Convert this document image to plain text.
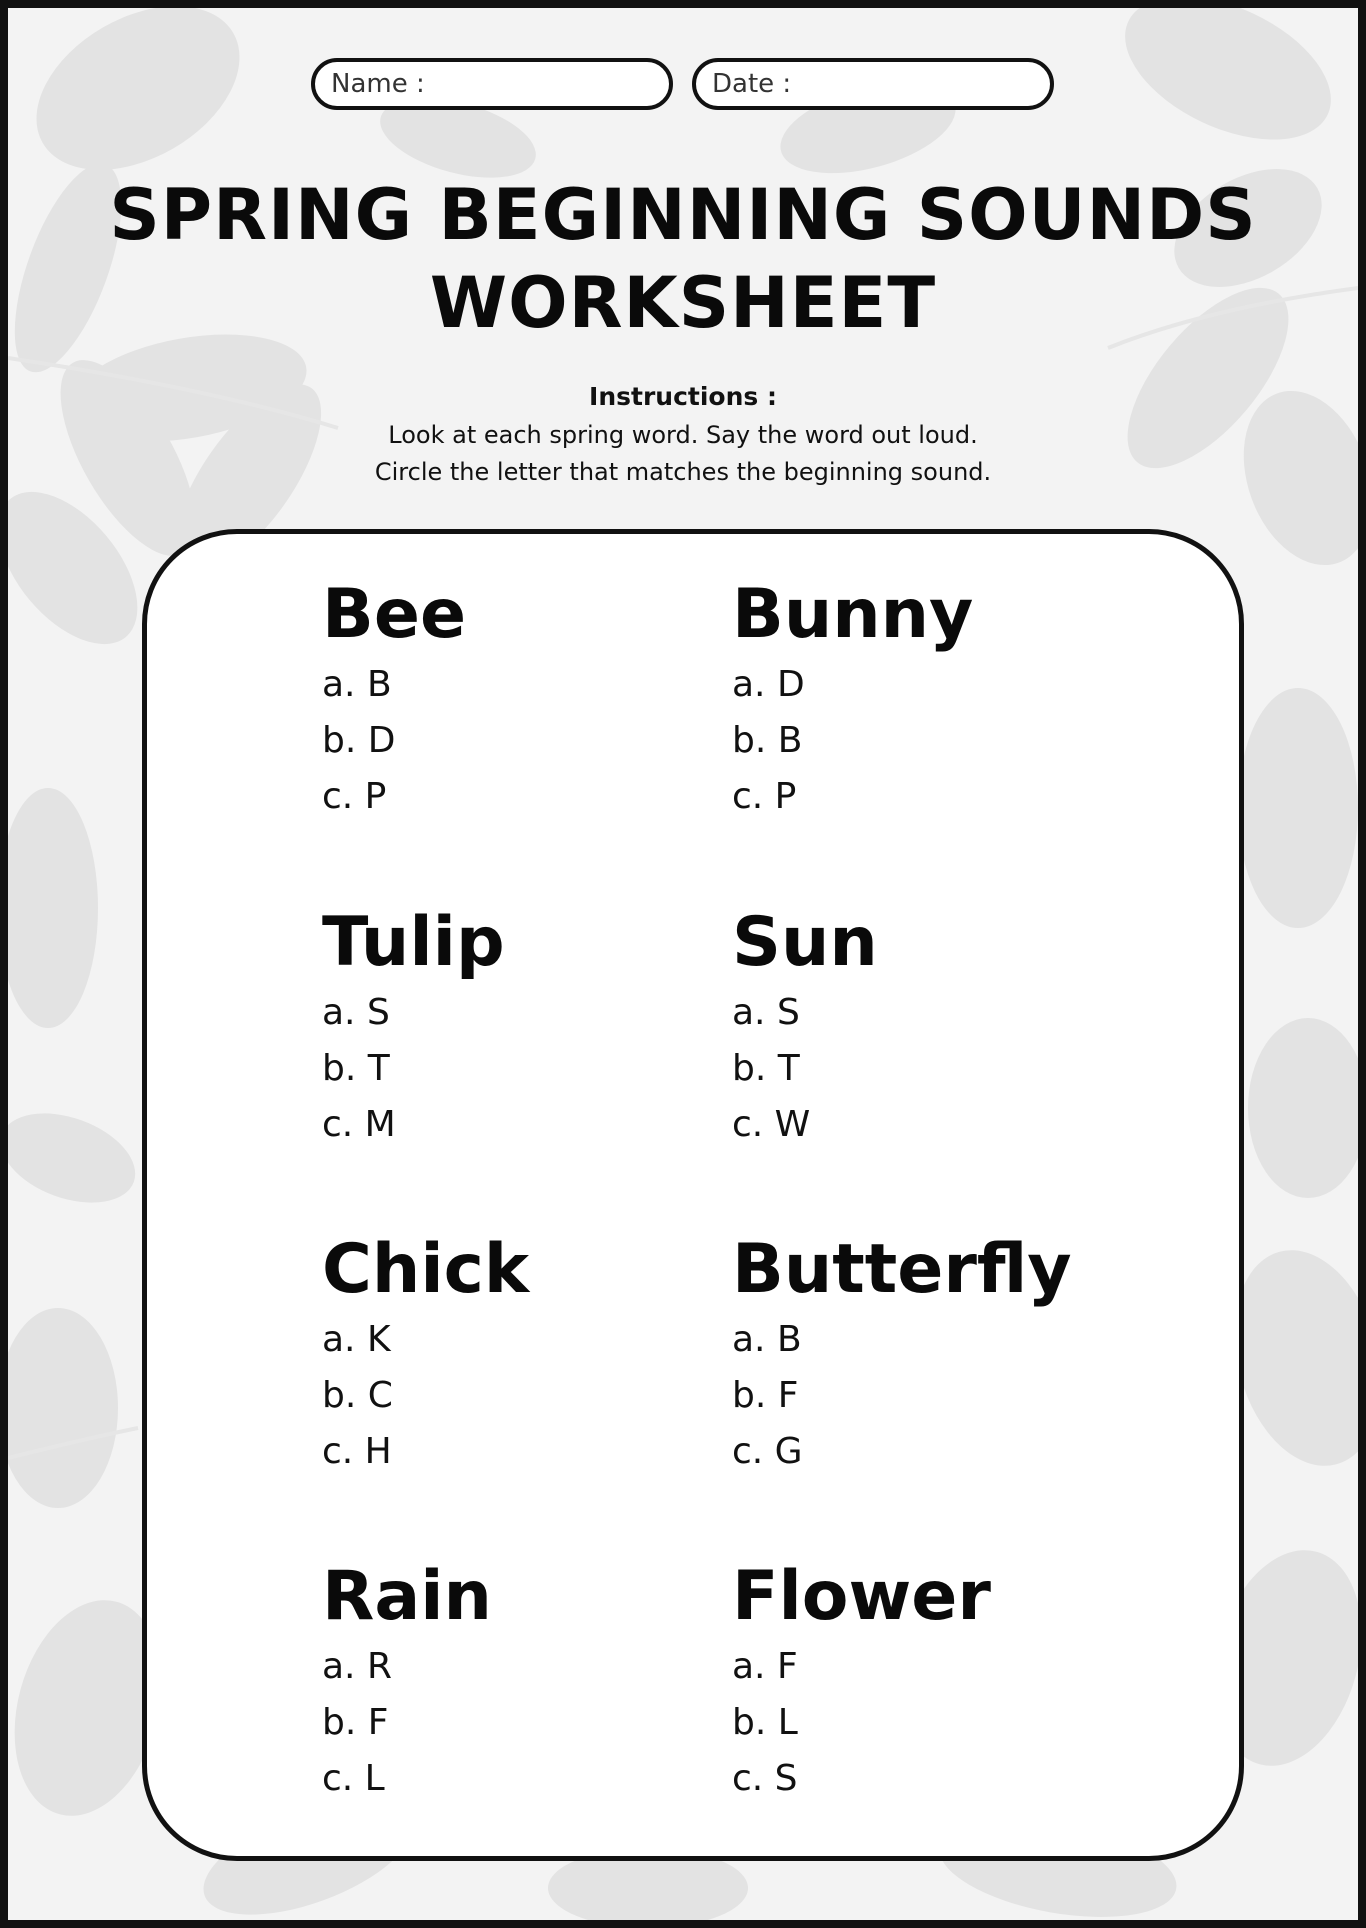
Name :	Date :
SPRING BEGINNING SOUNDS
WORKSHEET
Instructions :
Look at each spring word. Say the word out loud.
Circle the letter that matches the beginning sound.
Bee
a. B
b. D
c. P
Bunny
a. D
b. B
c. P
Tulip
a. S
b. T
c. M
Sun
a. S
b. T
c. W
Chick
a. K
b. C
c. H
Butterfly
a. B
b. F
c. G
Rain
a. R
b. F
c. L
Flower
a. F
b. L
c. S
